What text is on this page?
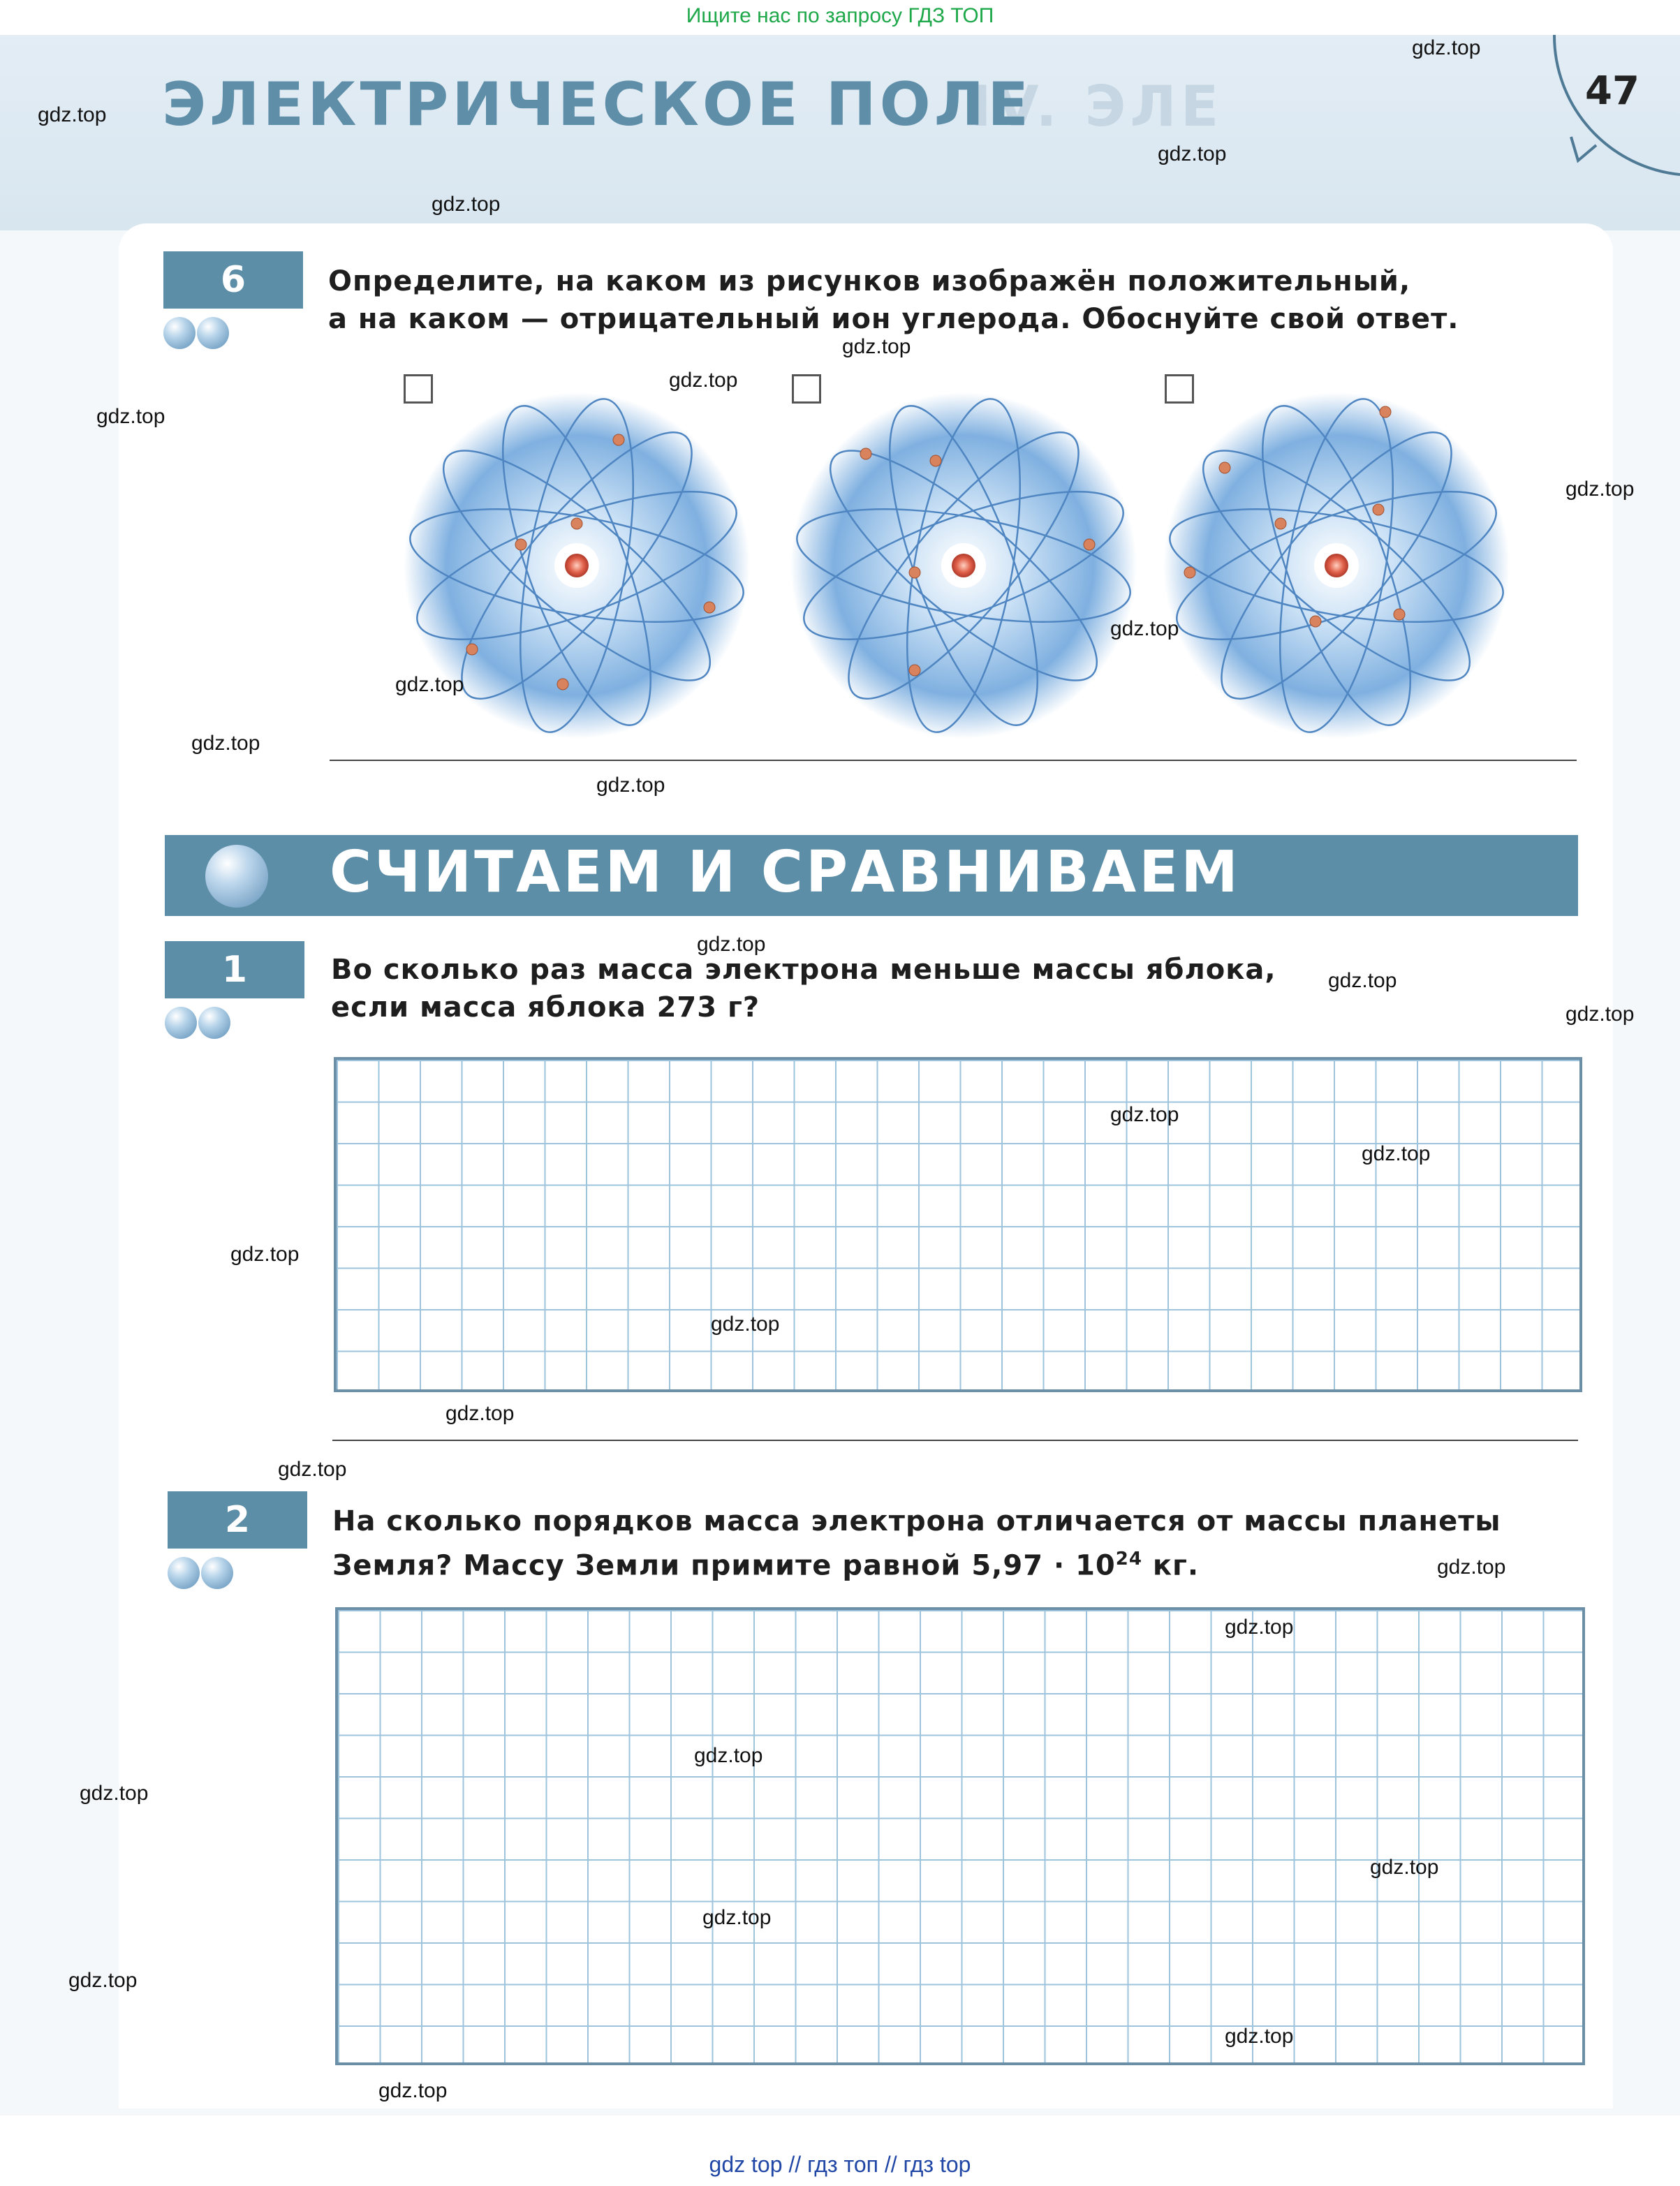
Ищите нас по запросу ГДЗ ТОП
IV. ЭЛЕ
ЭЛЕКТРИЧЕСКОЕ ПОЛЕ	47
6	Определите, на каком из рисунков изображён положительный,
а на каком — отрицательный ион углерода. Обоснуйте свой ответ.
СЧИТАЕМ И СРАВНИВАЕМ
1	Во сколько раз масса электрона меньше массы яблока,
если масса яблока 273 г?
2	На сколько порядков масса электрона отличается от массы планеты
Земля? Массу Земли примите равной $5,97 \cdot 10^{24}$ кг.
gdz.top
gdz.top
gdz.top
gdz.top
gdz.top
gdz.top
gdz.top
gdz.top
gdz.top
gdz.top
gdz.top
gdz.top
gdz.top
gdz.top
gdz.top
gdz.top
gdz.top
gdz.top
gdz.top
gdz.top
gdz.top
gdz.top
gdz.top
gdz.top
gdz.top
gdz.top
gdz.top
gdz.top
gdz.top
gdz.top
gdz top // гдз топ // гдз top
